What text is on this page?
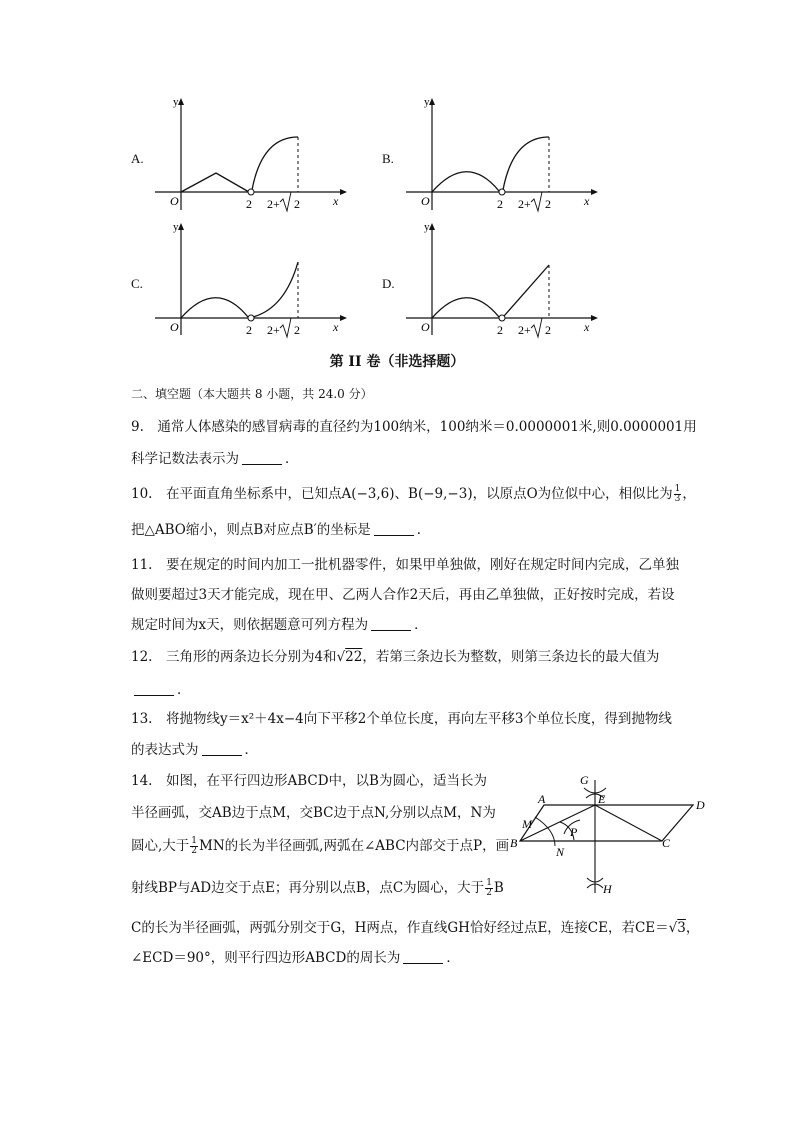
A.	B.
C.	D.
y
x
O	2 2+ 2
y
x
O	2 2+ 2
y
x
O	2 2+ 2
y
x
O	2 2+ 2
第 II 卷（非选择题）
二、填空题（本大题共 8 小题，共 24.0 分）
9.　通常人体感染的感冒病毒的直径约为100纳米，100纳米＝0.0000001米,则0.0000001用
科学记数法表示为	．
10.　在平面直角坐标系中，已知点A(−3,6)、B(−9,−3)，以原点O为位似中心，相似比为 $\frac{1}{3}$ ，
把△ABO缩小，则点B对应点B′的坐标是	．
11.　要在规定的时间内加工一批机器零件，如果甲单独做，刚好在规定时间内完成，乙单独
做则要超过3天才能完成，现在甲、乙两人合作2天后，再由乙单独做，正好按时完成，若设
规定时间为x天，则依据题意可列方程为	．
12.　三角形的两条边长分别为4和√22，若第三条边长为整数，则第三条边长的最大值为
．
13.　将抛物线y＝x²＋4x−4向下平移2个单位长度，再向左平移3个单位长度，得到抛物线
的表达式为	．
14.　如图，在平行四边形ABCD中，以B为圆心，适当长为
半径画弧，交AB边于点M，交BC边于点N,分别以点M，N为
圆心,大于 $\frac{1}{2}$ MN的长为半径画弧,两弧在∠ABC内部交于点P，画
射线BP与AD边交于点E；再分别以点B，点C为圆心，大于 $\frac{1}{2}$ B
C的长为半径画弧，两弧分别交于G，H两点，作直线GH恰好经过点E，连接CE，若CE＝√3，
∠ECD＝90°，则平行四边形ABCD的周长为	．
G
E
A	D
M
P
B
N
C
H
